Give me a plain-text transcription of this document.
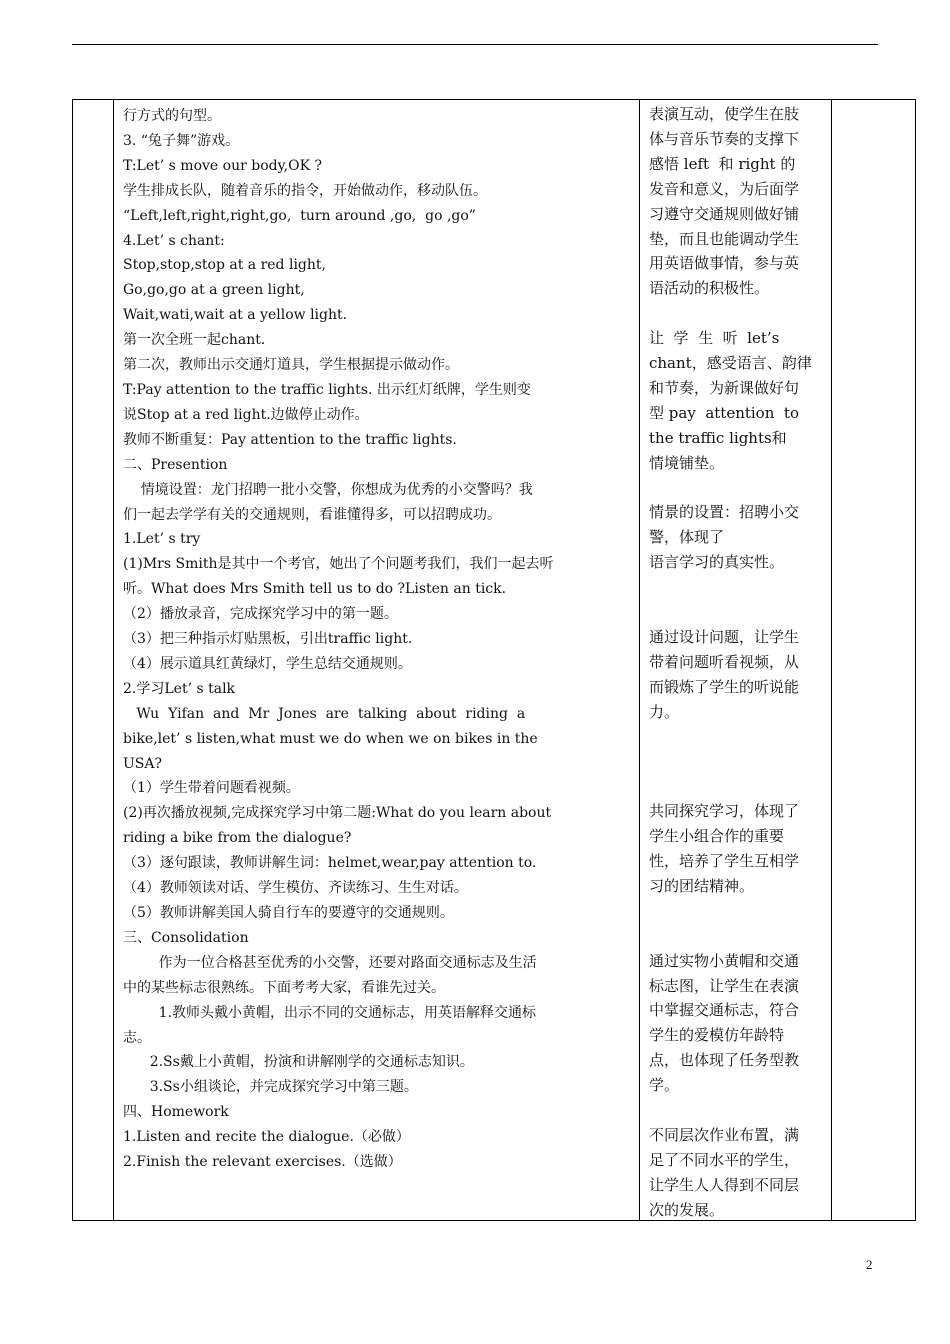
行方式的句型。
3. “兔子舞”游戏。
T:Let’ s move our body,OK ?
学生排成长队，随着音乐的指令，开始做动作，移动队伍。
“Left,left,right,right,go,  turn around ,go,  go ,go”
4.Let’ s chant:
Stop,stop,stop at a red light,
Go,go,go at a green light,
Wait,wati,wait at a yellow light.
第一次全班一起chant.
第二次，教师出示交通灯道具，学生根据提示做动作。
T:Pay attention to the traffic lights. 出示红灯纸牌，学生则变
说Stop at a red light.边做停止动作。
教师不断重复：Pay attention to the traffic lights.
二、Presention
情境设置：龙门招聘一批小交警，你想成为优秀的小交警吗？我
们一起去学学有关的交通规则，看谁懂得多，可以招聘成功。
1.Let’ s try
(1)Mrs Smith是其中一个考官，她出了个问题考我们，我们一起去听
听。What does Mrs Smith tell us to do ?Listen an tick.
（2）播放录音，完成探究学习中的第一题。
（3）把三种指示灯贴黑板，引出traffic light.
（4）展示道具红黄绿灯，学生总结交通规则。
2.学习Let’ s talk
Wu  Yifan  and  Mr  Jones  are  talking  about  riding  a
bike,let’ s listen,what must we do when we on bikes in the
USA?
（1）学生带着问题看视频。
(2)再次播放视频,完成探究学习中第二题:What do you learn about
riding a bike from the dialogue?
（3）逐句跟读，教师讲解生词：helmet,wear,pay attention to.
（4）教师领读对话、学生模仿、齐读练习、生生对话。
（5）教师讲解美国人骑自行车的要遵守的交通规则。
三、Consolidation
作为一位合格甚至优秀的小交警，还要对路面交通标志及生活
中的某些标志很熟练。下面考考大家，看谁先过关。
1.教师头戴小黄帽，出示不同的交通标志，用英语解释交通标
志。
2.Ss戴上小黄帽，扮演和讲解刚学的交通标志知识。
3.Ss小组谈论，并完成探究学习中第三题。
四、Homework
1.Listen and recite the dialogue.（必做）
2.Finish the relevant exercises.（选做）
表演互动，使学生在肢
体与音乐节奏的支撑下
感悟 left  和 right 的
发音和意义，为后面学
习遵守交通规则做好铺
垫，而且也能调动学生
用英语做事情，参与英
语活动的积极性。
让  学  生  听  let’s
chant，感受语言、韵律
和节奏，为新课做好句
型 pay  attention  to
the traffic lights和
情境铺垫。
情景的设置：招聘小交
警，体现了
语言学习的真实性。
通过设计问题，让学生
带着问题听看视频，从
而锻炼了学生的听说能
力。
共同探究学习，体现了
学生小组合作的重要
性，培养了学生互相学
习的团结精神。
通过实物小黄帽和交通
标志图，让学生在表演
中掌握交通标志，符合
学生的爱模仿年龄特
点，也体现了任务型教
学。
不同层次作业布置，满
足了不同水平的学生，
让学生人人得到不同层
次的发展。
2
